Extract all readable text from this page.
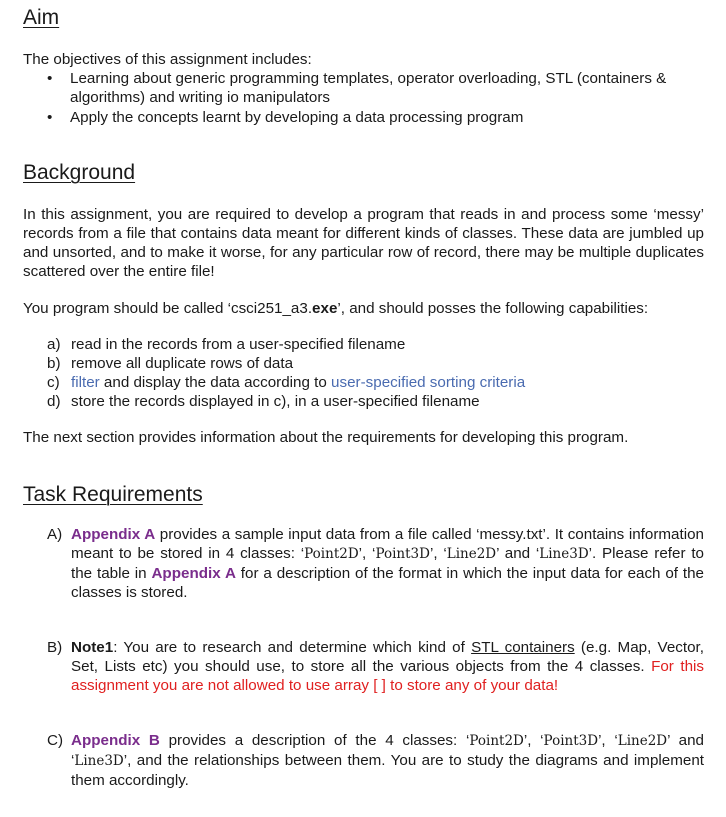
Aim

The objectives of this assignment includes:

• Learning about generic programming templates, operator overloading, STL (containers & algorithms) and writing io manipulators
• Apply the concepts learnt by developing a data processing program
Background

In this assignment, you are required to develop a program that reads in and process some ‘messy’ records from a file that contains data meant for different kinds of classes. These data are jumbled up and unsorted, and to make it worse, for any particular row of record, there may be multiple duplicates scattered over the entire file!

You program should be called ‘csci251_a3.exe’, and should posses the following capabilities:

a) read in the records from a user-specified filename
b) remove all duplicate rows of data
c) filter and display the data according to user-specified sorting criteria
d) store the records displayed in c), in a user-specified filename

The next section provides information about the requirements for developing this program.

Task Requirements
A) Appendix A provides a sample input data from a file called ‘messy.txt’. It contains information meant to be stored in 4 classes: ‘Point2D’, ‘Point3D’, ‘Line2D’ and ‘Line3D’. Please refer to the table in Appendix A for a description of the format in which the input data for each of the classes is stored.
B) Note1: You are to research and determine which kind of STL containers (e.g. Map, Vector, Set, Lists etc) you should use, to store all the various objects from the 4 classes. For this assignment you are not allowed to use array [ ] to store any of your data!
C) Appendix B provides a description of the 4 classes: ‘Point2D’, ‘Point3D’, ‘Line2D’ and ‘Line3D’, and the relationships between them. You are to study the diagrams and implement them accordingly.
